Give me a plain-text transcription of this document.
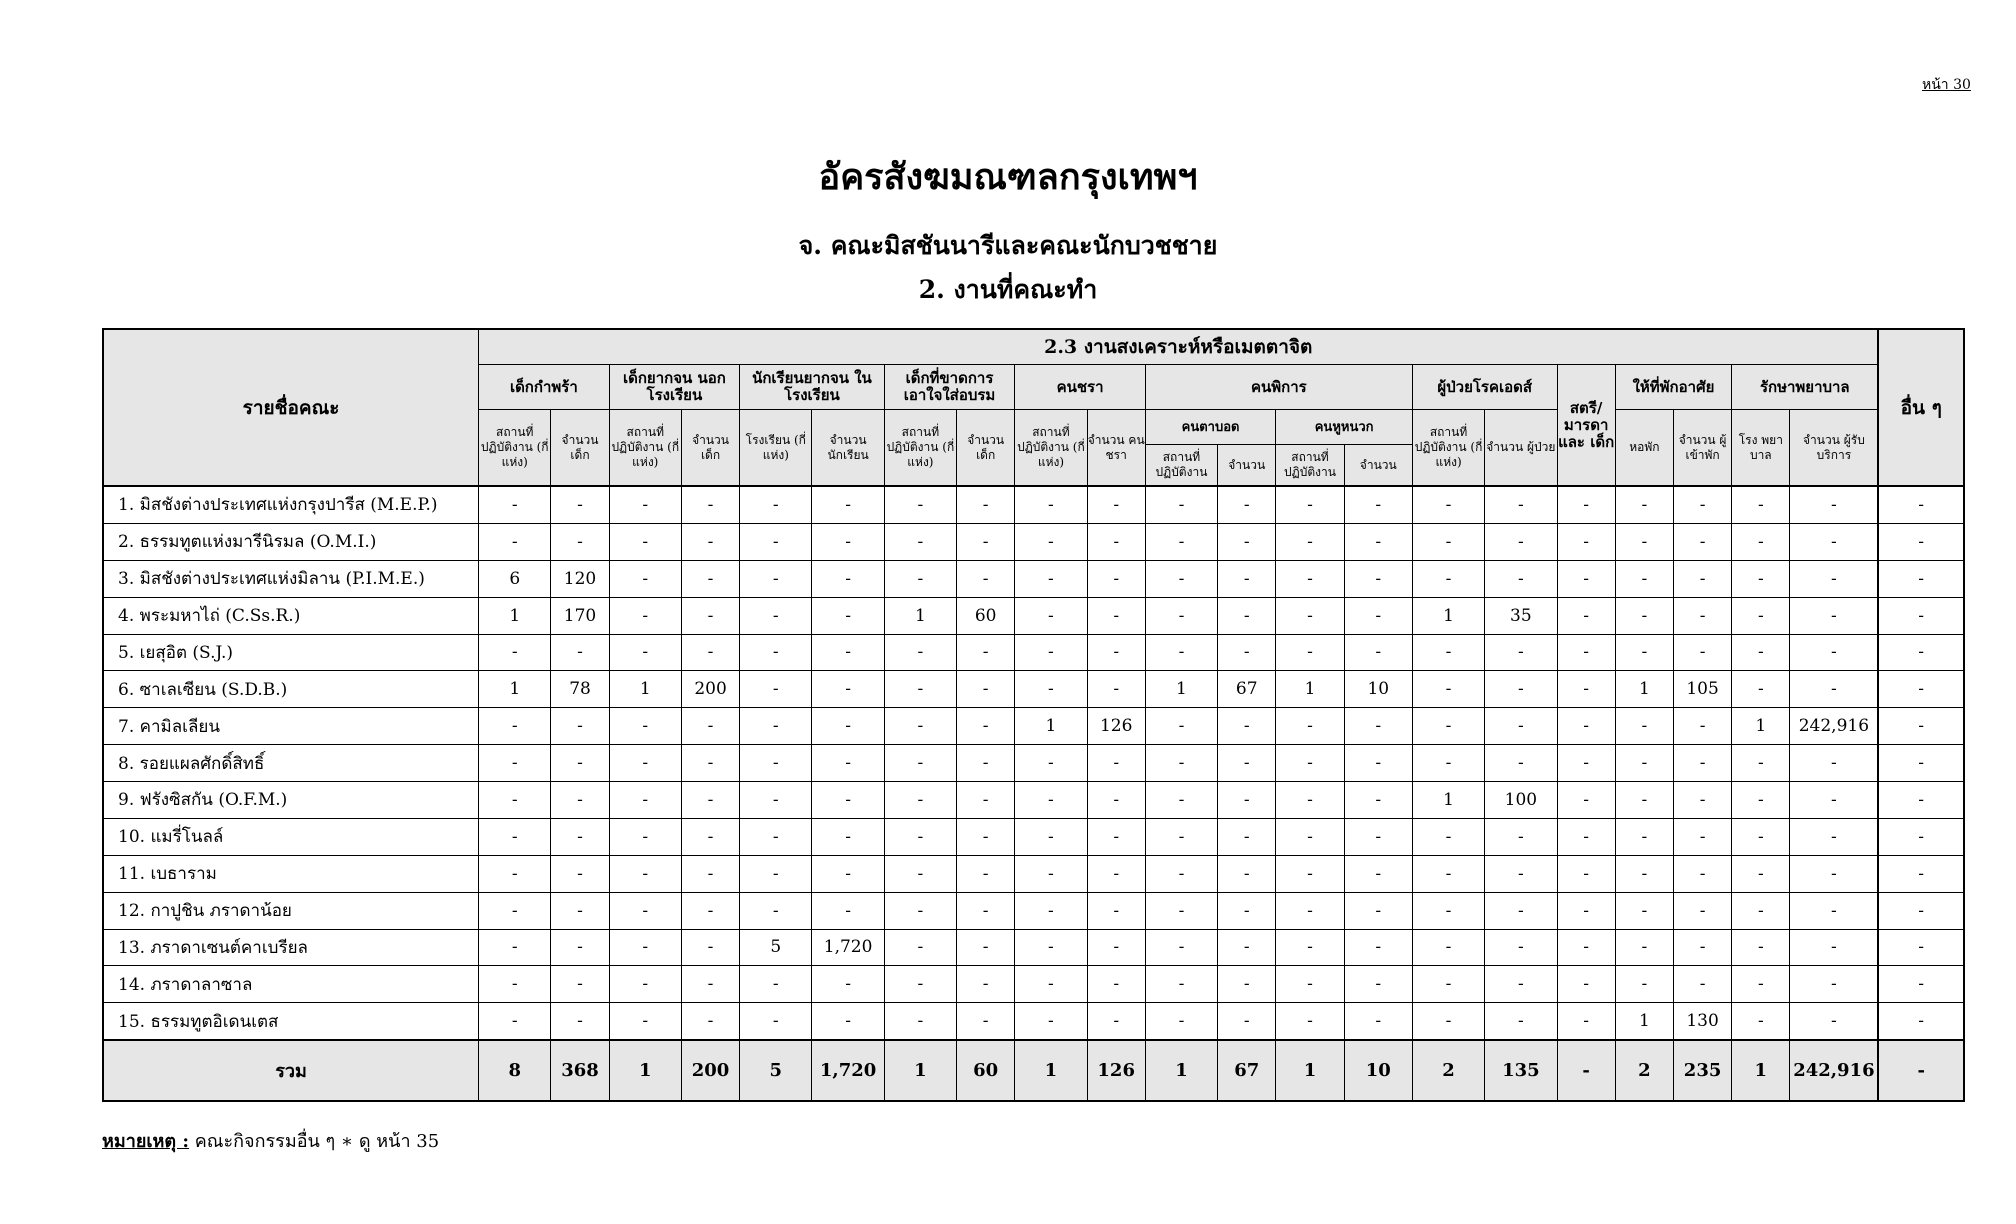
หน้า 30
อัครสังฆมณฑลกรุงเทพฯ
จ. คณะมิสชันนารีและคณะนักบวชชาย
2. งานที่คณะทำ
รายชื่อคณะ	2.3 งานสงเคราะห์หรือเมตตาจิต																					อื่น ๆ
	เด็กกำพร้า		เด็กยากจน นอกโรงเรียน		นักเรียนยากจน ในโรงเรียน		เด็กที่ขาดการ เอาใจใส่อบรม		คนชรา		คนพิการ				ผู้ป่วยโรคเอดส์		สตรี/ มารดา และ เด็ก	ให้ที่พักอาศัย		รักษาพยาบาล		
	สถานที่ ปฏิบัติงาน (กี่แห่ง)	จำนวน เด็ก	สถานที่ ปฏิบัติงาน (กี่แห่ง)	จำนวน เด็ก	โรงเรียน (กี่แห่ง)	จำนวน นักเรียน	สถานที่ ปฏิบัติงาน (กี่แห่ง)	จำนวน เด็ก	สถานที่ ปฏิบัติงาน (กี่แห่ง)	จำนวน คนชรา	คนตาบอด		คนหูหนวก		สถานที่ ปฏิบัติงาน (กี่แห่ง)	จำนวน ผู้ป่วย		หอพัก	จำนวน ผู้เข้าพัก	โรง พยา บาล	จำนวน ผู้รับบริการ	
											สถานที่ ปฏิบัติงาน	จำนวน	สถานที่ ปฏิบัติงาน	จำนวน								
1. มิสชังต่างประเทศแห่งกรุงปารีส (M.E.P.)	-	-	-	-	-	-	-	-	-	-	-	-	-	-	-	-	-	-	-	-	-	-
2. ธรรมทูตแห่งมารีนิรมล (O.M.I.)	-	-	-	-	-	-	-	-	-	-	-	-	-	-	-	-	-	-	-	-	-	-
3. มิสชังต่างประเทศแห่งมิลาน (P.I.M.E.)	6	120	-	-	-	-	-	-	-	-	-	-	-	-	-	-	-	-	-	-	-	-
4. พระมหาไถ่ (C.Ss.R.)	1	170	-	-	-	-	1	60	-	-	-	-	-	-	1	35	-	-	-	-	-	-
5. เยสุอิต (S.J.)	-	-	-	-	-	-	-	-	-	-	-	-	-	-	-	-	-	-	-	-	-	-
6. ซาเลเซียน (S.D.B.)	1	78	1	200	-	-	-	-	-	-	1	67	1	10	-	-	-	1	105	-	-	-
7. คามิลเลียน	-	-	-	-	-	-	-	-	1	126	-	-	-	-	-	-	-	-	-	1	242,916	-
8. รอยแผลศักดิ์สิทธิ์	-	-	-	-	-	-	-	-	-	-	-	-	-	-	-	-	-	-	-	-	-	-
9. ฟรังซิสกัน (O.F.M.)	-	-	-	-	-	-	-	-	-	-	-	-	-	-	1	100	-	-	-	-	-	-
10. แมรี่โนลล์	-	-	-	-	-	-	-	-	-	-	-	-	-	-	-	-	-	-	-	-	-	-
11. เบธาราม	-	-	-	-	-	-	-	-	-	-	-	-	-	-	-	-	-	-	-	-	-	-
12. กาปูชิน ภราดาน้อย	-	-	-	-	-	-	-	-	-	-	-	-	-	-	-	-	-	-	-	-	-	-
13. ภราดาเซนต์คาเบรียล	-	-	-	-	5	1,720	-	-	-	-	-	-	-	-	-	-	-	-	-	-	-	-
14. ภราดาลาซาล	-	-	-	-	-	-	-	-	-	-	-	-	-	-	-	-	-	-	-	-	-	-
15. ธรรมทูตอิเดนเตส	-	-	-	-	-	-	-	-	-	-	-	-	-	-	-	-	-	1	130	-	-	-
รวม	8	368	1	200	5	1,720	1	60	1	126	1	67	1	10	2	135	-	2	235	1	242,916	-
หมายเหตุ : คณะกิจกรรมอื่น ๆ ∗ ดู หน้า 35
